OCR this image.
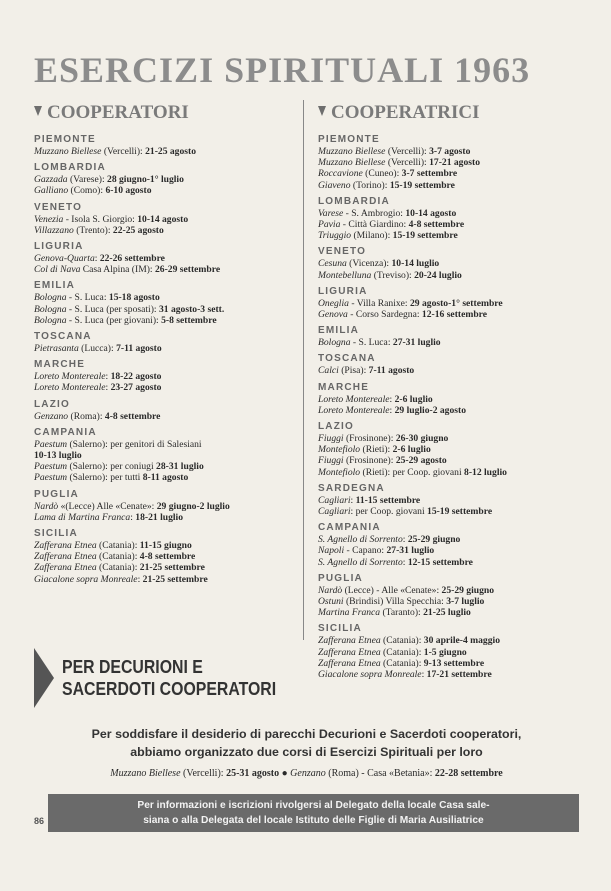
ESERCIZI SPIRITUALI 1963
COOPERATORI
PIEMONTE
Muzzano Biellese (Vercelli): 21-25 agosto
LOMBARDIA
Gazzada (Varese): 28 giugno-1° luglio
Galliano (Como): 6-10 agosto
VENETO
Venezia - Isola S. Giorgio: 10-14 agosto
Villazzano (Trento): 22-25 agosto
LIGURIA
Genova-Quarta: 22-26 settembre
Col di Nava Casa Alpina (IM): 26-29 settembre
EMILIA
Bologna - S. Luca: 15-18 agosto
Bologna - S. Luca (per sposati): 31 agosto-3 sett.
Bologna - S. Luca (per giovani): 5-8 settembre
TOSCANA
Pietrasanta (Lucca): 7-11 agosto
MARCHE
Loreto Montereale: 18-22 agosto
Loreto Montereale: 23-27 agosto
LAZIO
Genzano (Roma): 4-8 settembre
CAMPANIA
Paestum (Salerno): per genitori di Salesiani
10-13 luglio
Paestum (Salerno): per coniugi 28-31 luglio
Paestum (Salerno): per tutti 8-11 agosto
PUGLIA
Nardò «(Lecce) Alle «Cenate»: 29 giugno-2 luglio
Lama di Martina Franca: 18-21 luglio
SICILIA
Zafferana Etnea (Catania): 11-15 giugno
Zafferana Etnea (Catania): 4-8 settembre
Zafferana Etnea (Catania): 21-25 settembre
Giacalone sopra Monreale: 21-25 settembre
COOPERATRICI
PIEMONTE
Muzzano Biellese (Vercelli): 3-7 agosto
Muzzano Biellese (Vercelli): 17-21 agosto
Roccavione (Cuneo): 3-7 settembre
Giaveno (Torino): 15-19 settembre
LOMBARDIA
Varese - S. Ambrogio: 10-14 agosto
Pavia - Città Giardino: 4-8 settembre
Triuggio (Milano): 15-19 settembre
VENETO
Cesuna (Vicenza): 10-14 luglio
Montebelluna (Treviso): 20-24 luglio
LIGURIA
Oneglia - Villa Ranixe: 29 agosto-1° settembre
Genova - Corso Sardegna: 12-16 settembre
EMILIA
Bologna - S. Luca: 27-31 luglio
TOSCANA
Calci (Pisa): 7-11 agosto
MARCHE
Loreto Montereale: 2-6 luglio
Loreto Montereale: 29 luglio-2 agosto
LAZIO
Fiuggi (Frosinone): 26-30 giugno
Montefiolo (Rieti): 2-6 luglio
Fiuggi (Frosinone): 25-29 agosto
Montefiolo (Rieti): per Coop. giovani 8-12 luglio
SARDEGNA
Cagliari: 11-15 settembre
Cagliari: per Coop. giovani 15-19 settembre
CAMPANIA
S. Agnello di Sorrento: 25-29 giugno
Napoli - Capano: 27-31 luglio
S. Agnello di Sorrento: 12-15 settembre
PUGLIA
Nardò (Lecce) - Alle «Cenate»: 25-29 giugno
Ostuni (Brindisi) Villa Specchia: 3-7 luglio
Martina Franca (Taranto): 21-25 luglio
SICILIA
Zafferana Etnea (Catania): 30 aprile-4 maggio
Zafferana Etnea (Catania): 1-5 giugno
Zafferana Etnea (Catania): 9-13 settembre
Giacalone sopra Monreale: 17-21 settembre
PER DECURIONI E
SACERDOTI COOPERATORI
Per soddisfare il desiderio di parecchi Decurioni e Sacerdoti cooperatori,
abbiamo organizzato due corsi di Esercizi Spirituali per loro
Muzzano Biellese (Vercelli): 25-31 agosto ● Genzano (Roma) - Casa «Betania»: 22-28 settembre
Per informazioni e iscrizioni rivolgersi al Delegato della locale Casa sale-
siana o alla Delegata del locale Istituto delle Figlie di Maria Ausiliatrice
86
